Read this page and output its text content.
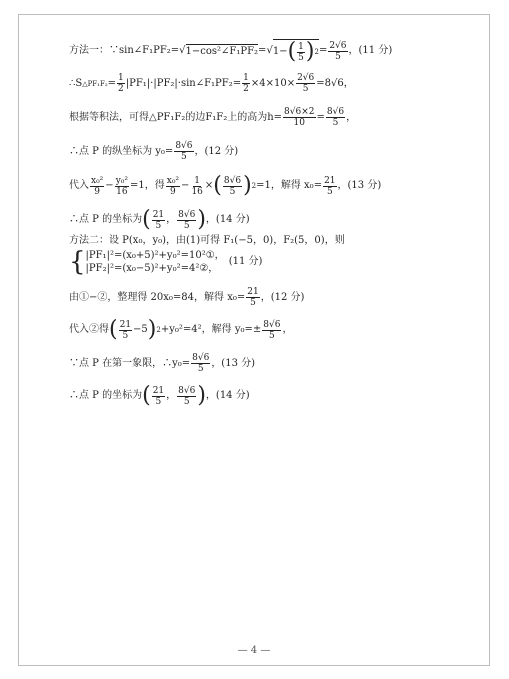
方法一：∵ sin∠F₁PF₂= √ 1−cos²∠F₁PF₂ = √ 1− ( $\frac{1}{5}$ ) $2 = \frac{2√6}{5}$ ，(11 分)
∴S △PF₁F₂ = $\frac{1}{2}$ |PF₁|·|PF₂|·sin∠F₁PF₂= $\frac{1}{2} \times 4\times 10\times \frac{2√6}{5} =8√6$，
根据等积法，可得△PF₁F₂的边F₁F₂上的高为$h= \frac{8√6\times 2}{10} = \frac{8√6}{5}$ ，
∴点 P 的纵坐标为 $y_0= \frac{8√6}{5}$ ，(12 分)
代入 $\frac{\text{x₀²}}{9} - \frac{\text{y₀²}}{16} =1$，得 $\frac{\text{x₀²}}{9} - \frac{1}{16}$ × ( $\frac{8√6}{5}$ ) 2 =1，解得 $x_0= \frac{21}{5}$ ，(13 分)
∴点 P 的坐标为 ( $\frac{21}{5}$ ， $\frac{8√6}{5}$ ) ，(14 分)
方法二：设 P(x₀，y₀)，由(1)可得 F₁(−5，0)，F₂(5，0)，则
{ |PF₁|²=(x₀+5)²+y₀²=10²①，
|PF₂|²=(x₀−5)²+y₀²=4²②，
(11 分)
由①−②，整理得 20x₀=84，解得 $x_0= \frac{21}{5}$ ，(12 分)
代入②得 ( $\frac{21}{5} -5$ ) 2 +y₀²=4²，解得 $y_0=\pm \frac{8√6}{5}$ ，
∵点 P 在第一象限，∴y₀= $\frac{8√6}{5}$ ，(13 分)
∴点 P 的坐标为 ( $\frac{21}{5}$ ， $\frac{8√6}{5}$ ) ，(14 分)
— 4 —
